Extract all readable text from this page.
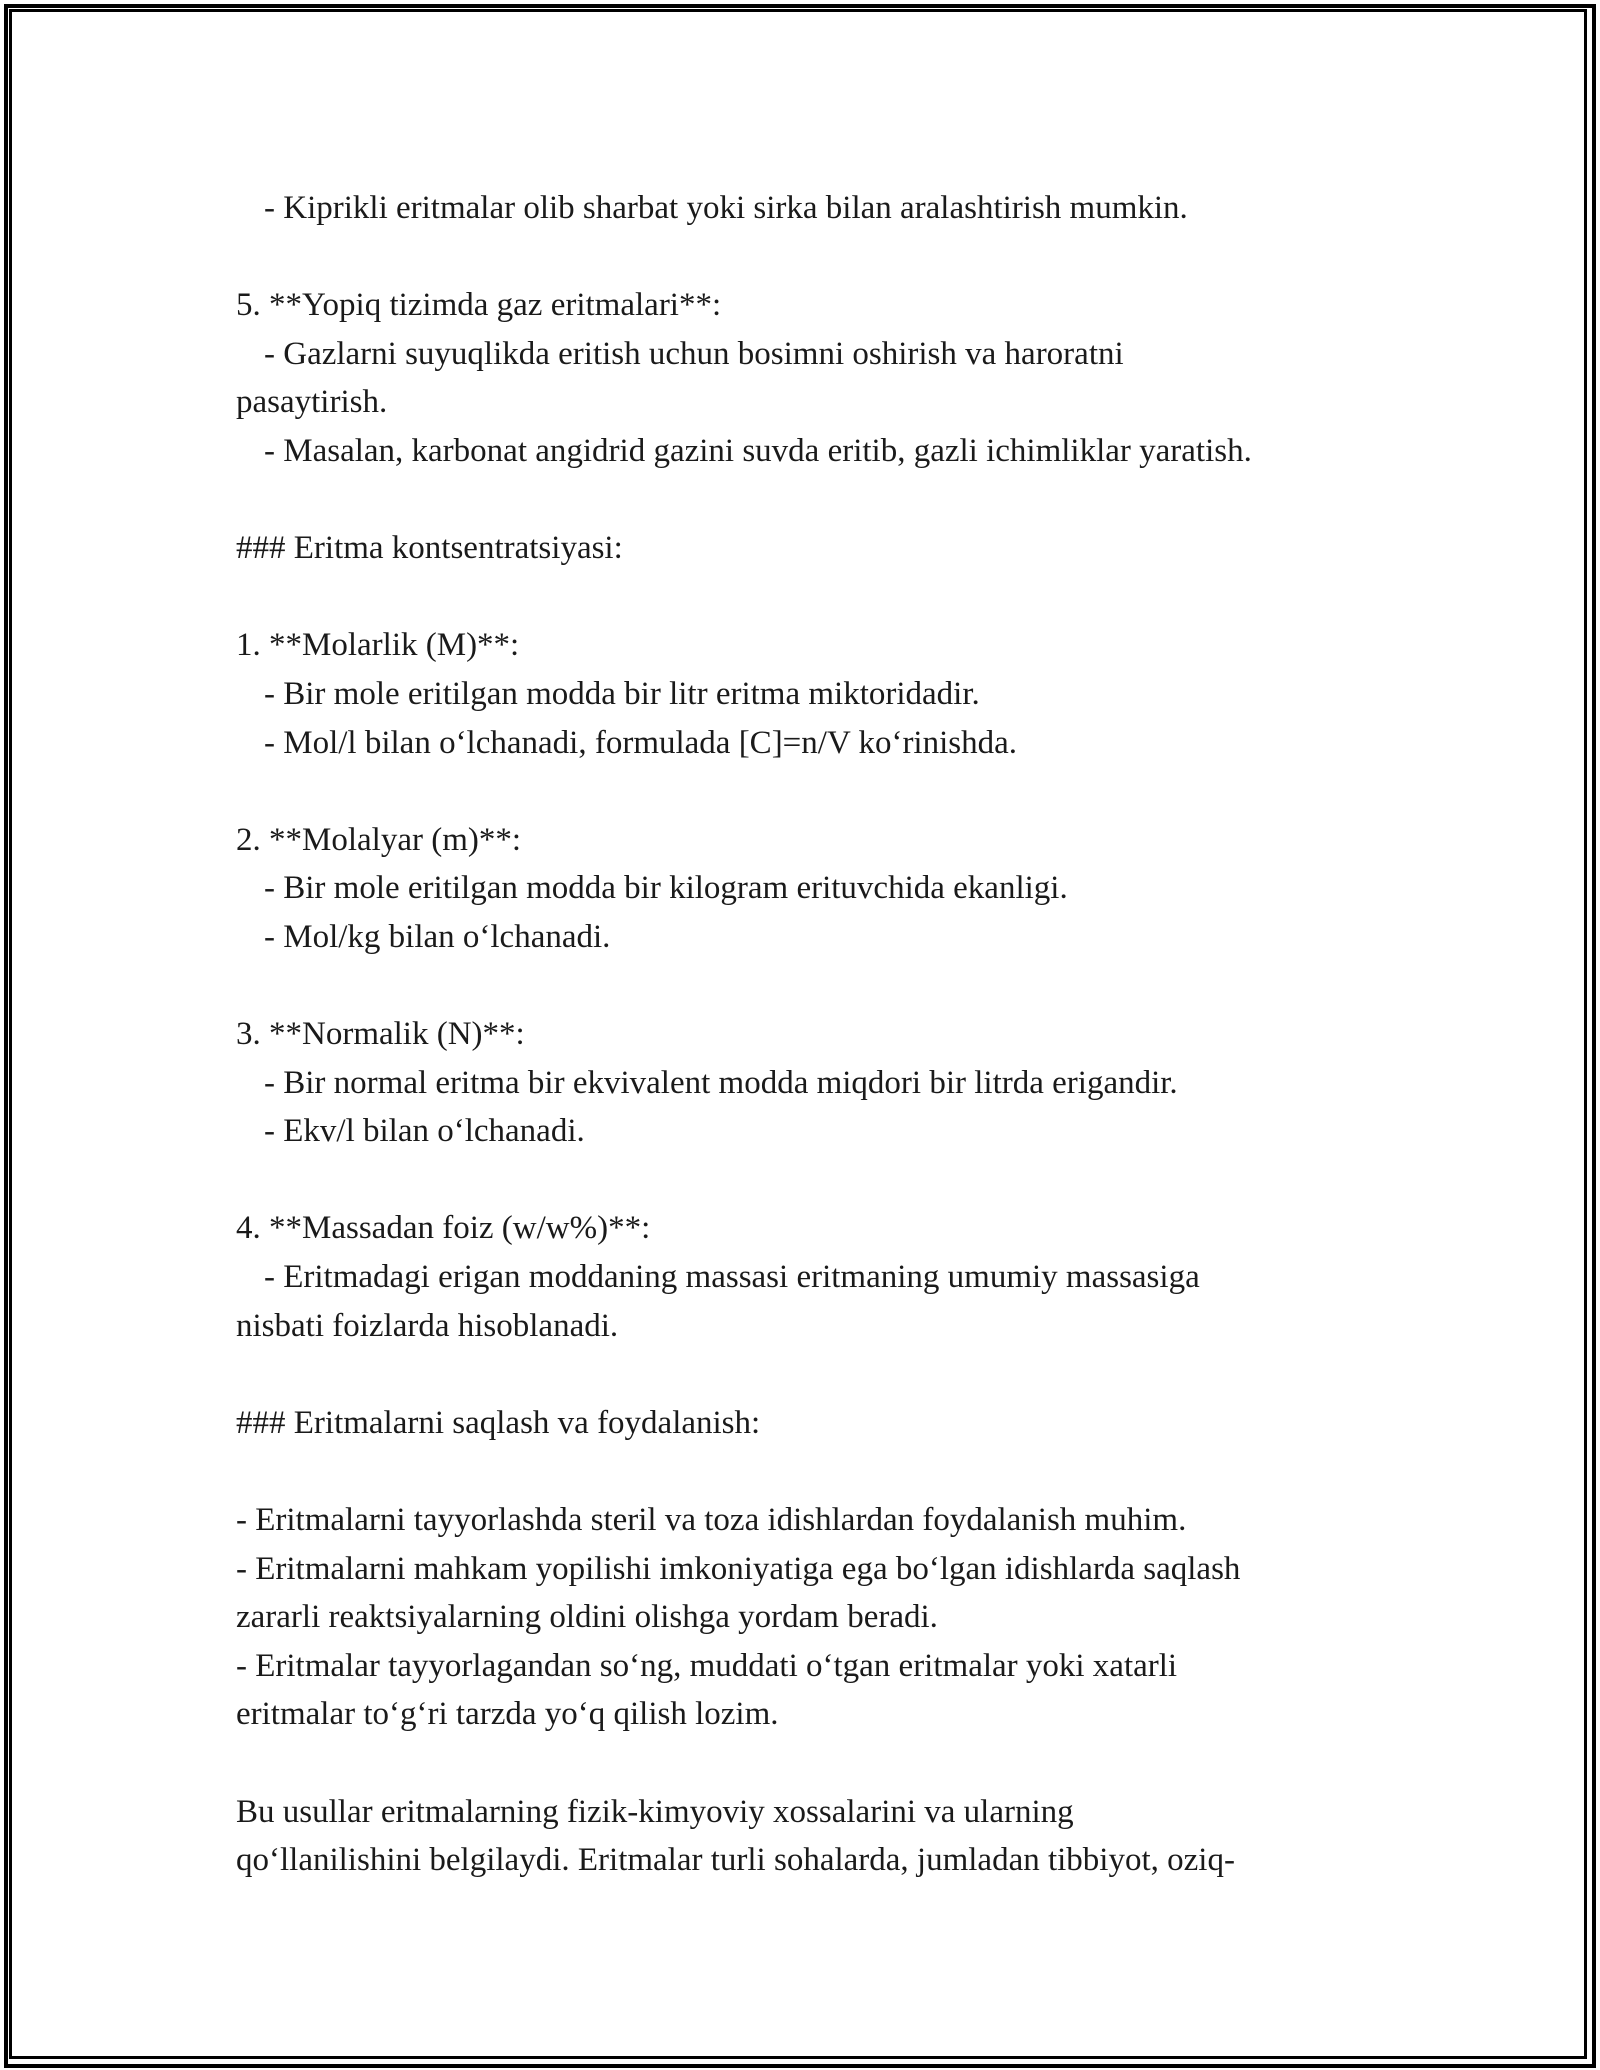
- Kiprikli eritmalar olib sharbat yoki sirka bilan aralashtirish mumkin.
5. **Yopiq tizimda gaz eritmalari**:
- Gazlarni suyuqlikda eritish uchun bosimni oshirish va haroratni
pasaytirish.
- Masalan, karbonat angidrid gazini suvda eritib, gazli ichimliklar yaratish.
### Eritma kontsentratsiyasi:
1. **Molarlik (M)**:
- Bir mole eritilgan modda bir litr eritma miktoridadir.
- Mol/l bilan o‘lchanadi, formulada [C]=n/V ko‘rinishda.
2. **Molalyar (m)**:
- Bir mole eritilgan modda bir kilogram erituvchida ekanligi.
- Mol/kg bilan o‘lchanadi.
3. **Normalik (N)**:
- Bir normal eritma bir ekvivalent modda miqdori bir litrda erigandir.
- Ekv/l bilan o‘lchanadi.
4. **Massadan foiz (w/w%)**:
- Eritmadagi erigan moddaning massasi eritmaning umumiy massasiga
nisbati foizlarda hisoblanadi.
### Eritmalarni saqlash va foydalanish:
- Eritmalarni tayyorlashda steril va toza idishlardan foydalanish muhim.
- Eritmalarni mahkam yopilishi imkoniyatiga ega bo‘lgan idishlarda saqlash
zararli reaktsiyalarning oldini olishga yordam beradi.
- Eritmalar tayyorlagandan so‘ng, muddati o‘tgan eritmalar yoki xatarli
eritmalar to‘g‘ri tarzda yo‘q qilish lozim.
Bu usullar eritmalarning fizik-kimyoviy xossalarini va ularning
qo‘llanilishini belgilaydi. Eritmalar turli sohalarda, jumladan tibbiyot, oziq-
